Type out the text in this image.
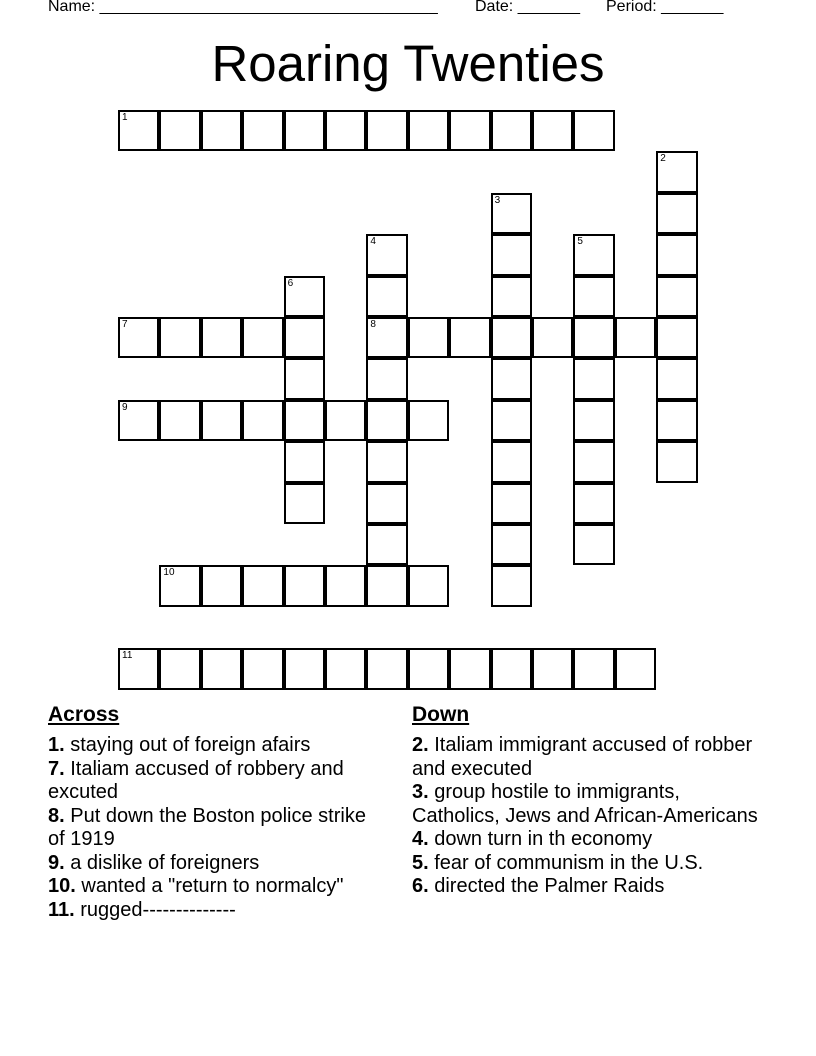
Name: ______________________________________ Date: _______ Period: _______
Roaring Twenties
1
2
3
4
8
5
6
7
9
10
11
Across

1. staying out of foreign afairs

7. Italiam accused of robbery and excuted

8. Put down the Boston police strike of 1919

9. a dislike of foreigners

10. wanted a "return to normalcy"

11. rugged--------------

Down

2. Italiam immigrant accused of robber and executed

3. group hostile to immigrants, Catholics, Jews and African-Americans

4. down turn in th economy

5. fear of communism in the U.S.

6. directed the Palmer Raids
